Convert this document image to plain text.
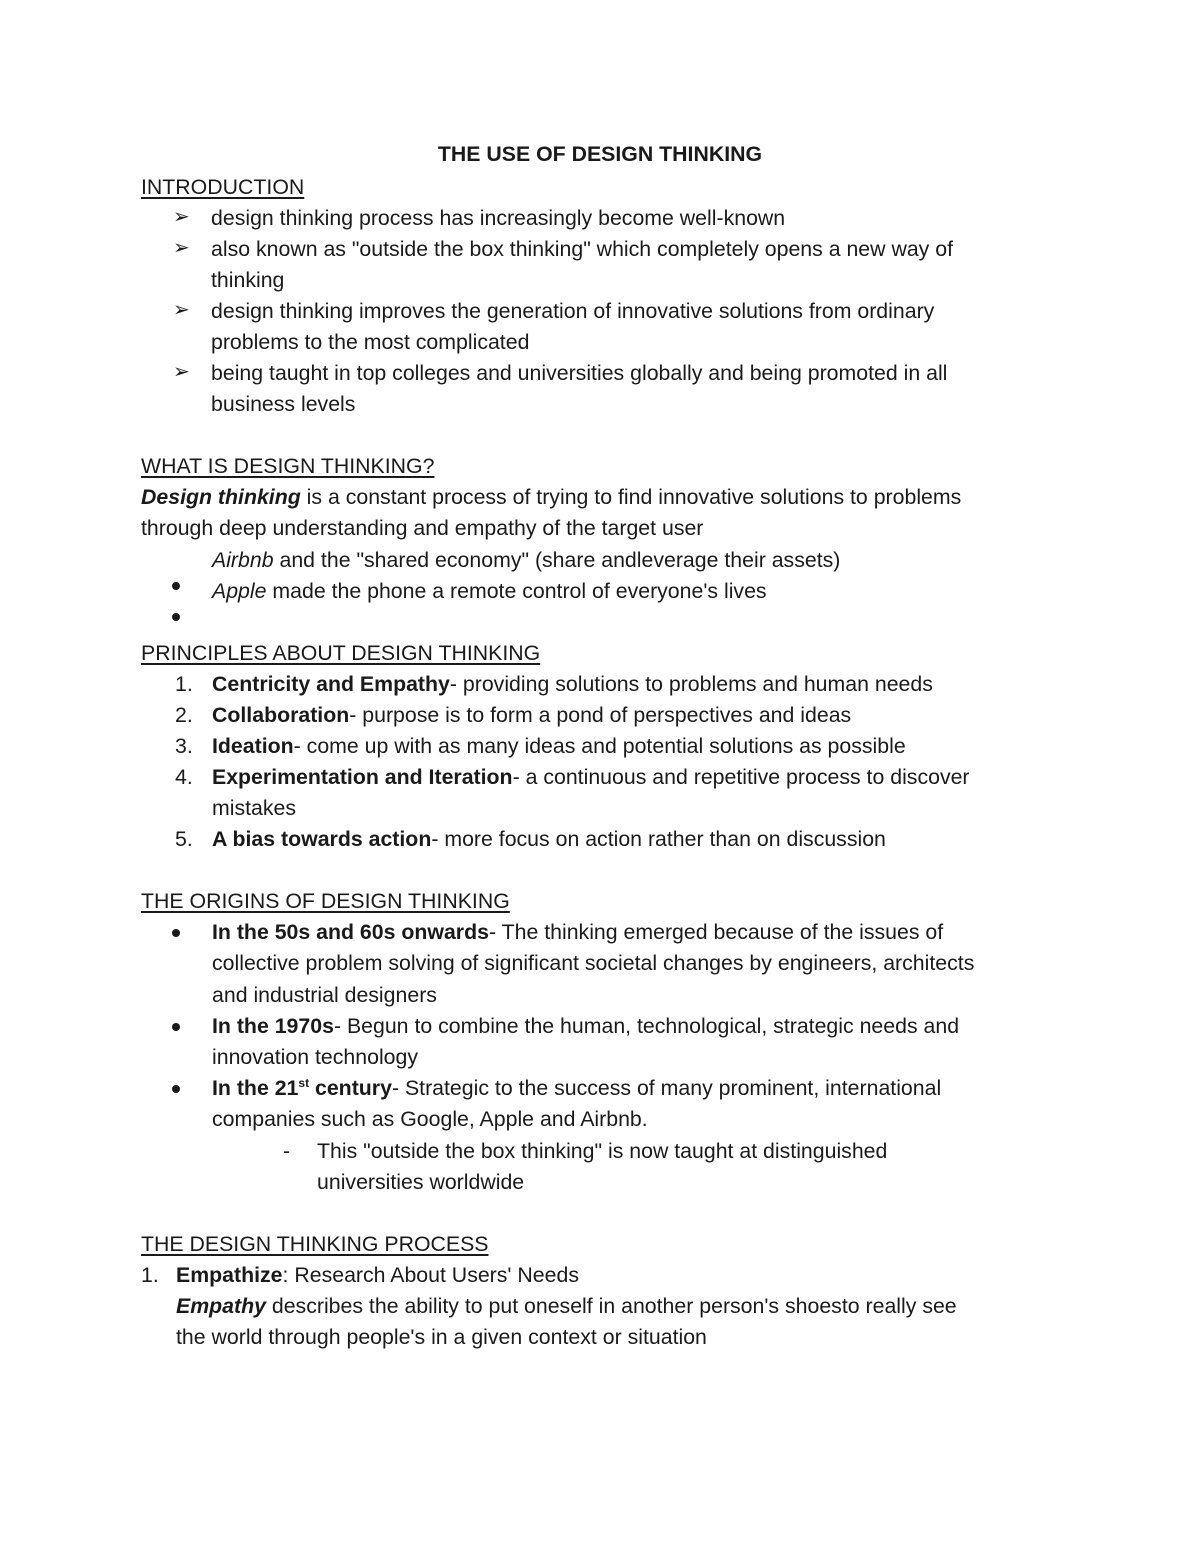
THE USE OF DESIGN THINKING
INTRODUCTION
➢ design thinking process has increasingly become well-known
➢ also known as "outside the box thinking" which completely opens a new way of
thinking
➢ design thinking improves the generation of innovative solutions from ordinary
problems to the most complicated
➢ being taught in top colleges and universities globally and being promoted in all
business levels
WHAT IS DESIGN THINKING?
Design thinking is a constant process of trying to find innovative solutions to problems
through deep understanding and empathy of the target user
Airbnb and the "shared economy" (share andleverage their assets)
Apple made the phone a remote control of everyone's lives
PRINCIPLES ABOUT DESIGN THINKING
1. Centricity and Empathy- providing solutions to problems and human needs
2. Collaboration- purpose is to form a pond of perspectives and ideas
3. Ideation- come up with as many ideas and potential solutions as possible
4. Experimentation and Iteration- a continuous and repetitive process to discover
mistakes
5. A bias towards action- more focus on action rather than on discussion
THE ORIGINS OF DESIGN THINKING
In the 50s and 60s onwards- The thinking emerged because of the issues of
collective problem solving of significant societal changes by engineers, architects
and industrial designers
In the 1970s- Begun to combine the human, technological, strategic needs and
innovation technology
In the 21st century- Strategic to the success of many prominent, international
companies such as Google, Apple and Airbnb.
- This "outside the box thinking" is now taught at distinguished
universities worldwide
THE DESIGN THINKING PROCESS
1. Empathize: Research About Users' Needs
Empathy describes the ability to put oneself in another person's shoesto really see
the world through people's in a given context or situation
